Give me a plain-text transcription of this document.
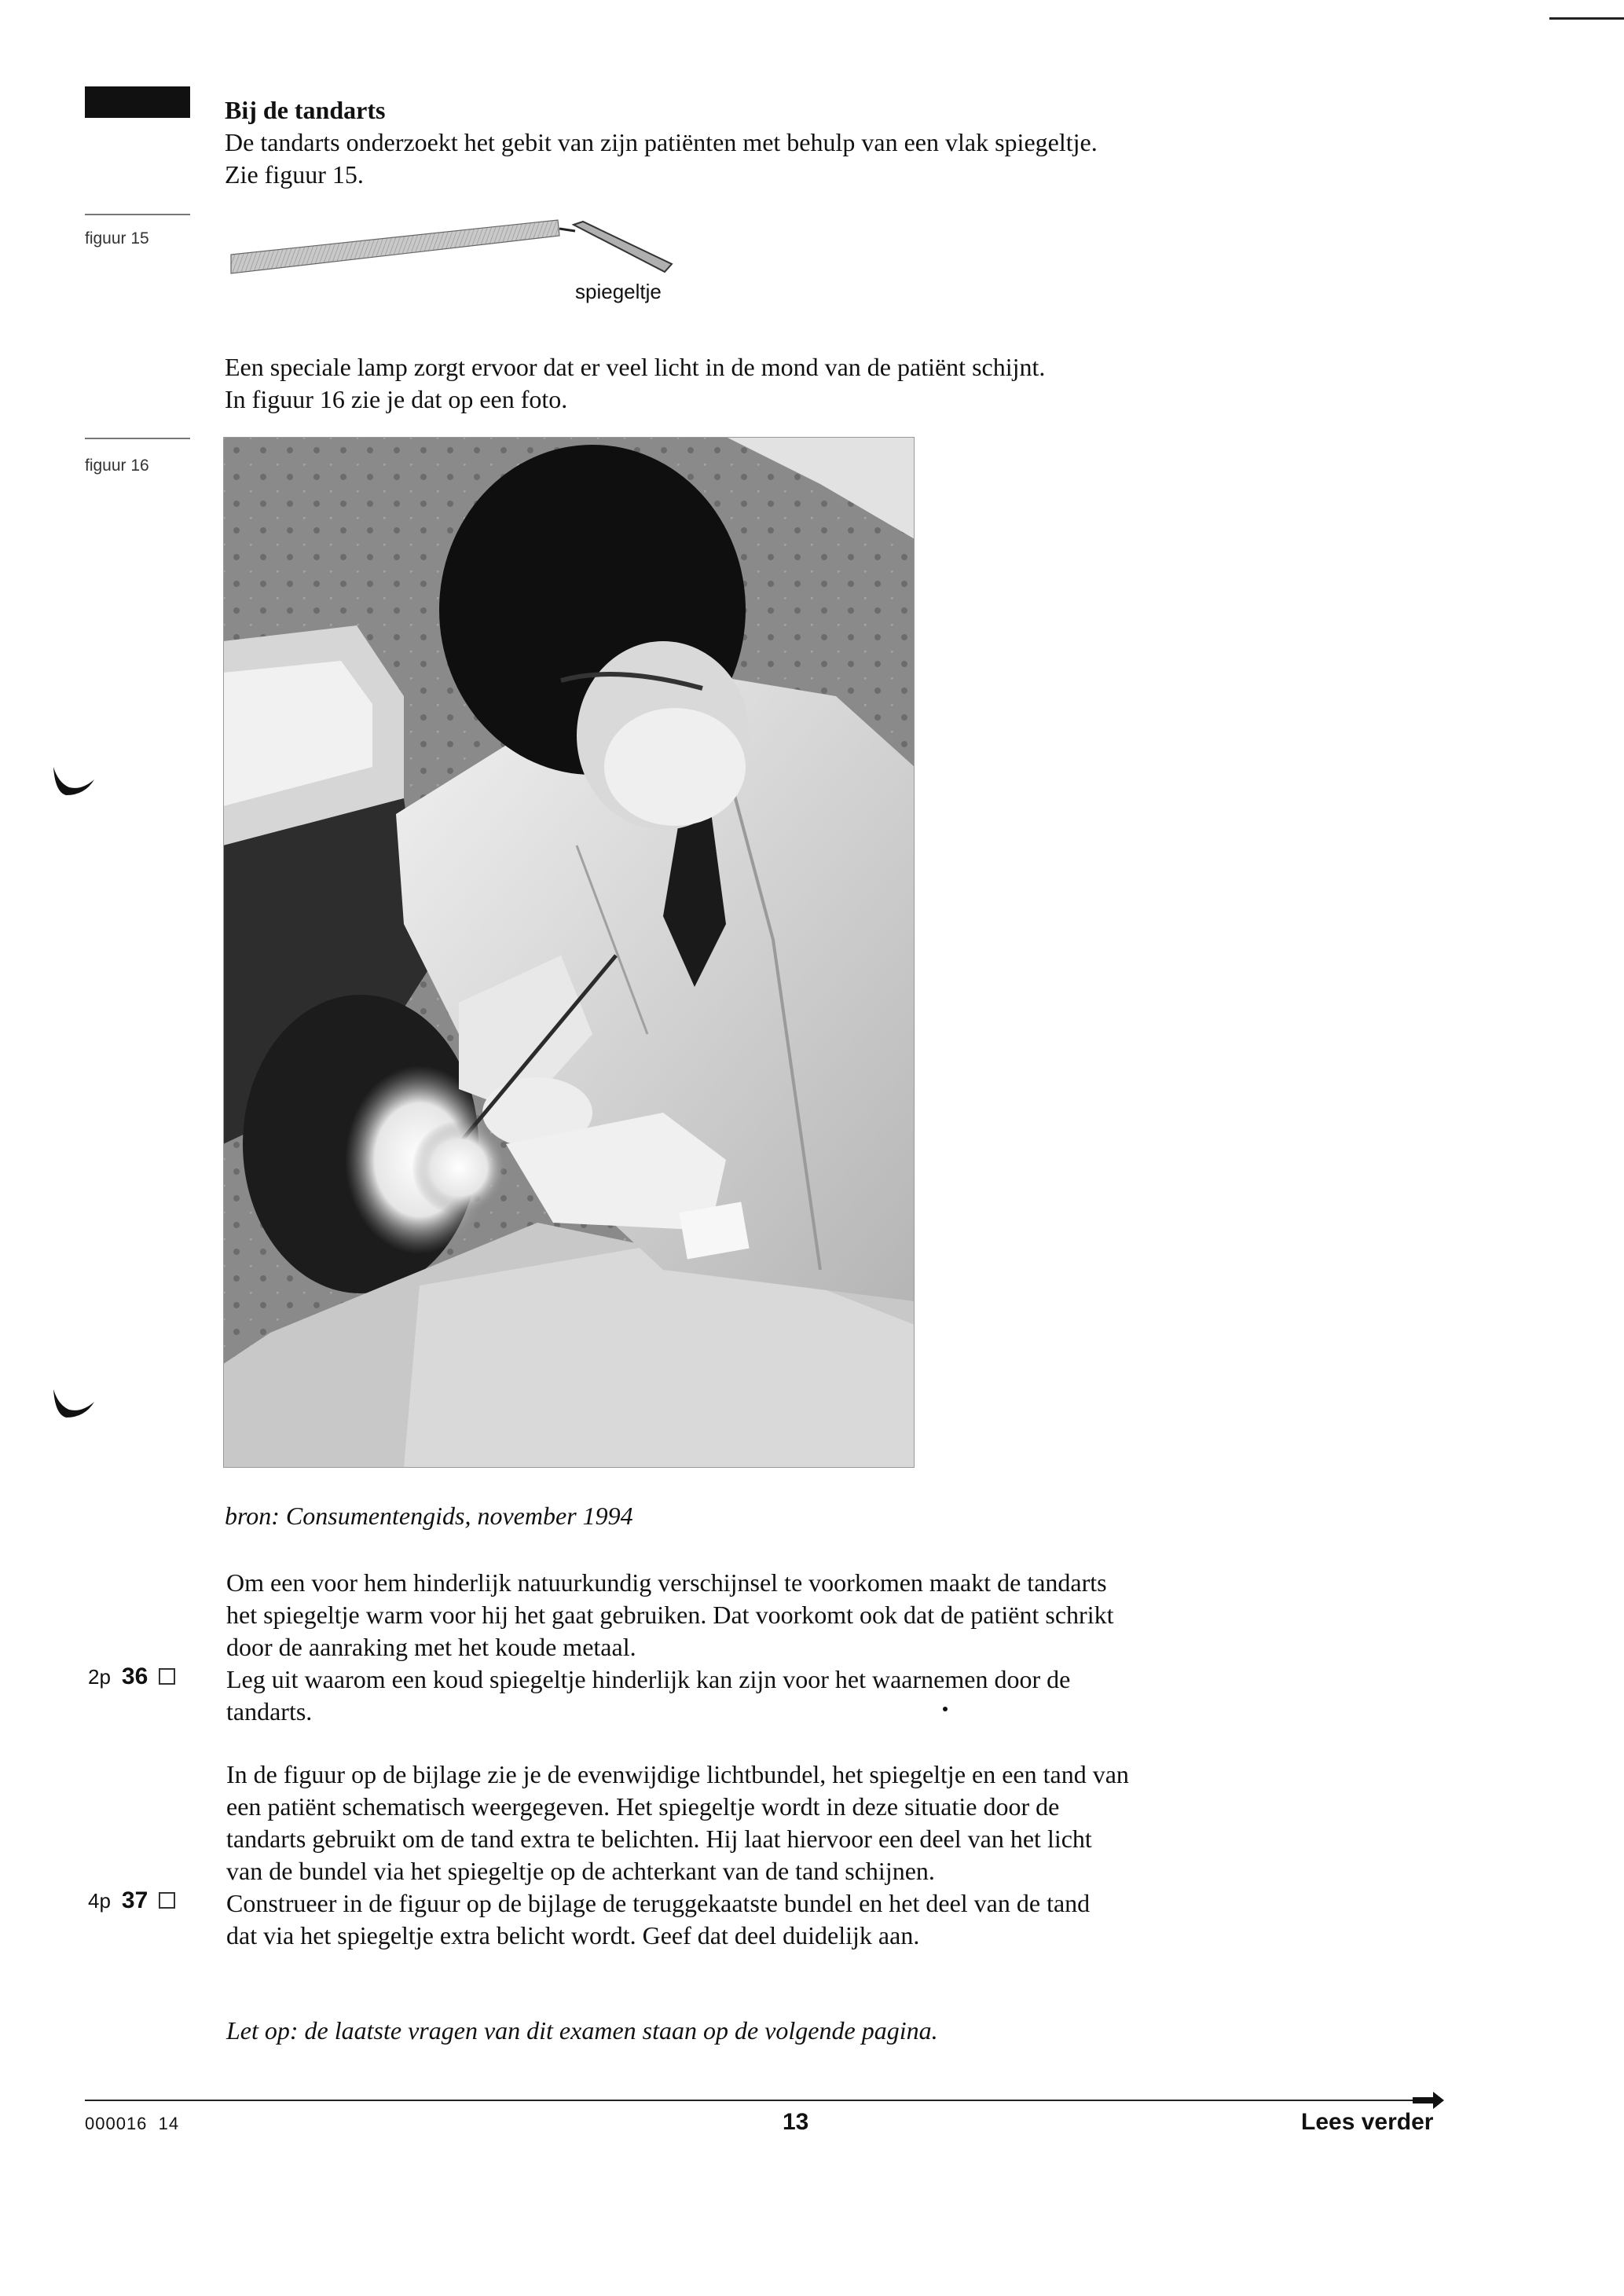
Bij de tandarts

De tandarts onderzoekt het gebit van zijn patiënten met behulp van een vlak spiegeltje.

Zie figuur 15.

figuur 15
spiegeltje

Een speciale lamp zorgt ervoor dat er veel licht in de mond van de patiënt schijnt.

In figuur 16 zie je dat op een foto.

figuur 16
bron: Consumentengids, november 1994

Om een voor hem hinderlijk natuurkundig verschijnsel te voorkomen maakt de tandarts

het spiegeltje warm voor hij het gaat gebruiken. Dat voorkomt ook dat de patiënt schrikt

door de aanraking met het koude metaal.

2p 36	Leg uit waarom een koud spiegeltje hinderlijk kan zijn voor het waarnemen door de

tandarts.

In de figuur op de bijlage zie je de evenwijdige lichtbundel, het spiegeltje en een tand van

een patiënt schematisch weergegeven. Het spiegeltje wordt in deze situatie door de

tandarts gebruikt om de tand extra te belichten. Hij laat hiervoor een deel van het licht

van de bundel via het spiegeltje op de achterkant van de tand schijnen.

4p 37	Construeer in de figuur op de bijlage de teruggekaatste bundel en het deel van de tand

dat via het spiegeltje extra belicht wordt. Geef dat deel duidelijk aan.

Let op: de laatste vragen van dit examen staan op de volgende pagina.
000016  14	13	Lees verder
